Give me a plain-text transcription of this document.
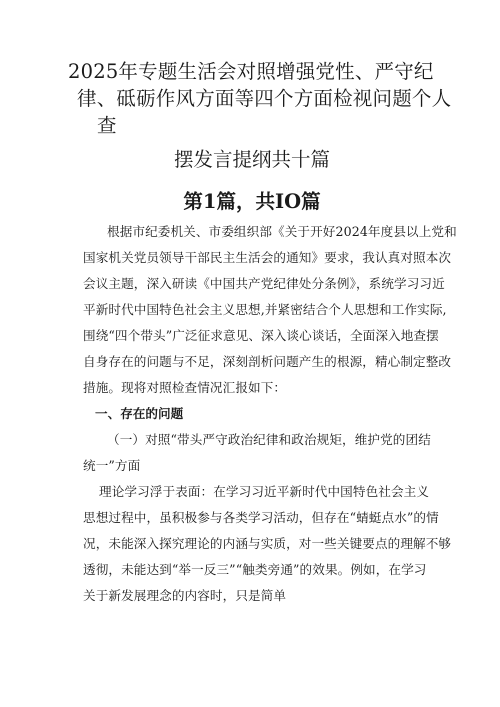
2025年专题生活会对照增强党性、严守纪
律、砥砺作风方面等四个方面检视问题个人
查
摆发言提纲共十篇
第1篇，共IO篇
根据市纪委机关、市委组织部《关于开好2024年度县以上党和
国家机关党员领导干部民主生活会的通知》要求，我认真对照本次
会议主题，深入研读《中国共产党纪律处分条例》，系统学习习近
平新时代中国特色社会主义思想,并紧密结合个人思想和工作实际,
围绕“四个带头”广泛征求意见、深入谈心谈话，全面深入地查摆
自身存在的问题与不足，深刻剖析问题产生的根源，精心制定整改
措施。现将对照检查情况汇报如下：
一、存在的问题
（一）对照“带头严守政治纪律和政治规矩，维护党的团结
统一”方面
理论学习浮于表面：在学习习近平新时代中国特色社会主义
思想过程中，虽积极参与各类学习活动，但存在“蜻蜓点水”的情
况，未能深入探究理论的内涵与实质，对一些关键要点的理解不够
透彻，未能达到“举一反三”“触类旁通”的效果。例如，在学习
关于新发展理念的内容时，只是简单
